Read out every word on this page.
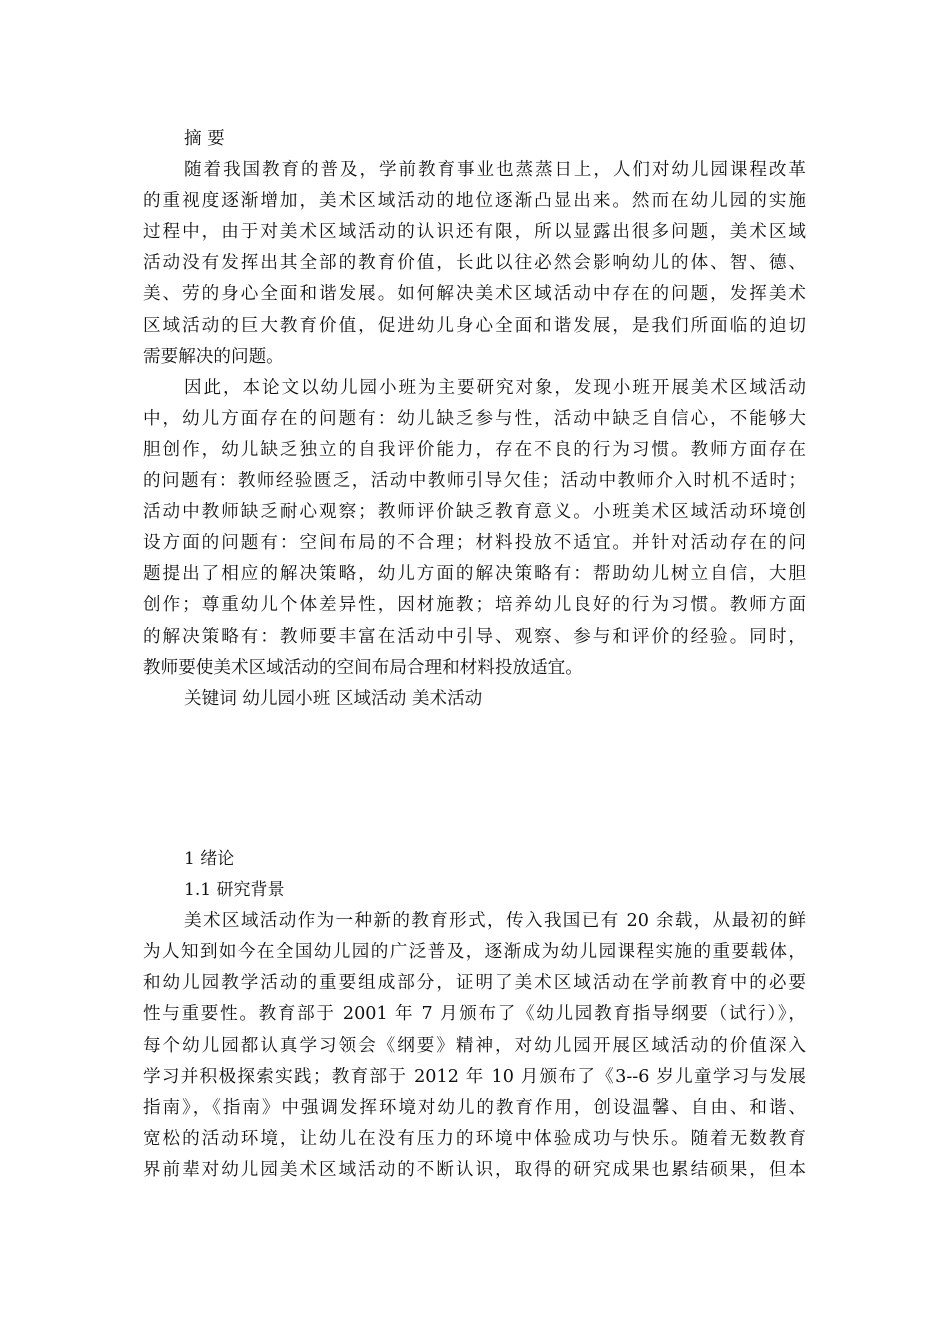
摘 要
随着我国教育的普及，学前教育事业也蒸蒸日上，人们对幼儿园课程改革
的重视度逐渐增加，美术区域活动的地位逐渐凸显出来。然而在幼儿园的实施
过程中，由于对美术区域活动的认识还有限，所以显露出很多问题，美术区域
活动没有发挥出其全部的教育价值，长此以往必然会影响幼儿的体、智、德、
美、劳的身心全面和谐发展。如何解决美术区域活动中存在的问题，发挥美术
区域活动的巨大教育价值，促进幼儿身心全面和谐发展，是我们所面临的迫切
需要解决的问题。
因此，本论文以幼儿园小班为主要研究对象，发现小班开展美术区域活动
中，幼儿方面存在的问题有：幼儿缺乏参与性，活动中缺乏自信心，不能够大
胆创作，幼儿缺乏独立的自我评价能力，存在不良的行为习惯。教师方面存在
的问题有：教师经验匮乏，活动中教师引导欠佳；活动中教师介入时机不适时；
活动中教师缺乏耐心观察；教师评价缺乏教育意义。小班美术区域活动环境创
设方面的问题有：空间布局的不合理；材料投放不适宜。并针对活动存在的问
题提出了相应的解决策略，幼儿方面的解决策略有：帮助幼儿树立自信，大胆
创作；尊重幼儿个体差异性，因材施教；培养幼儿良好的行为习惯。教师方面
的解决策略有：教师要丰富在活动中引导、观察、参与和评价的经验。同时，
教师要使美术区域活动的空间布局合理和材料投放适宜。
关键词 幼儿园小班 区域活动 美术活动
1 绪论
1.1 研究背景
美术区域活动作为一种新的教育形式，传入我国已有 20 余载，从最初的鲜
为人知到如今在全国幼儿园的广泛普及，逐渐成为幼儿园课程实施的重要载体，
和幼儿园教学活动的重要组成部分，证明了美术区域活动在学前教育中的必要
性与重要性。教育部于 2001 年 7 月颁布了《幼儿园教育指导纲要（试行）》，
每个幼儿园都认真学习领会《纲要》精神，对幼儿园开展区域活动的价值深入
学习并积极探索实践；教育部于 2012 年 10 月颁布了《3--6 岁儿童学习与发展
指南》，《指南》中强调发挥环境对幼儿的教育作用，创设温馨、自由、和谐、
宽松的活动环境，让幼儿在没有压力的环境中体验成功与快乐。随着无数教育
界前辈对幼儿园美术区域活动的不断认识，取得的研究成果也累结硕果，但本
